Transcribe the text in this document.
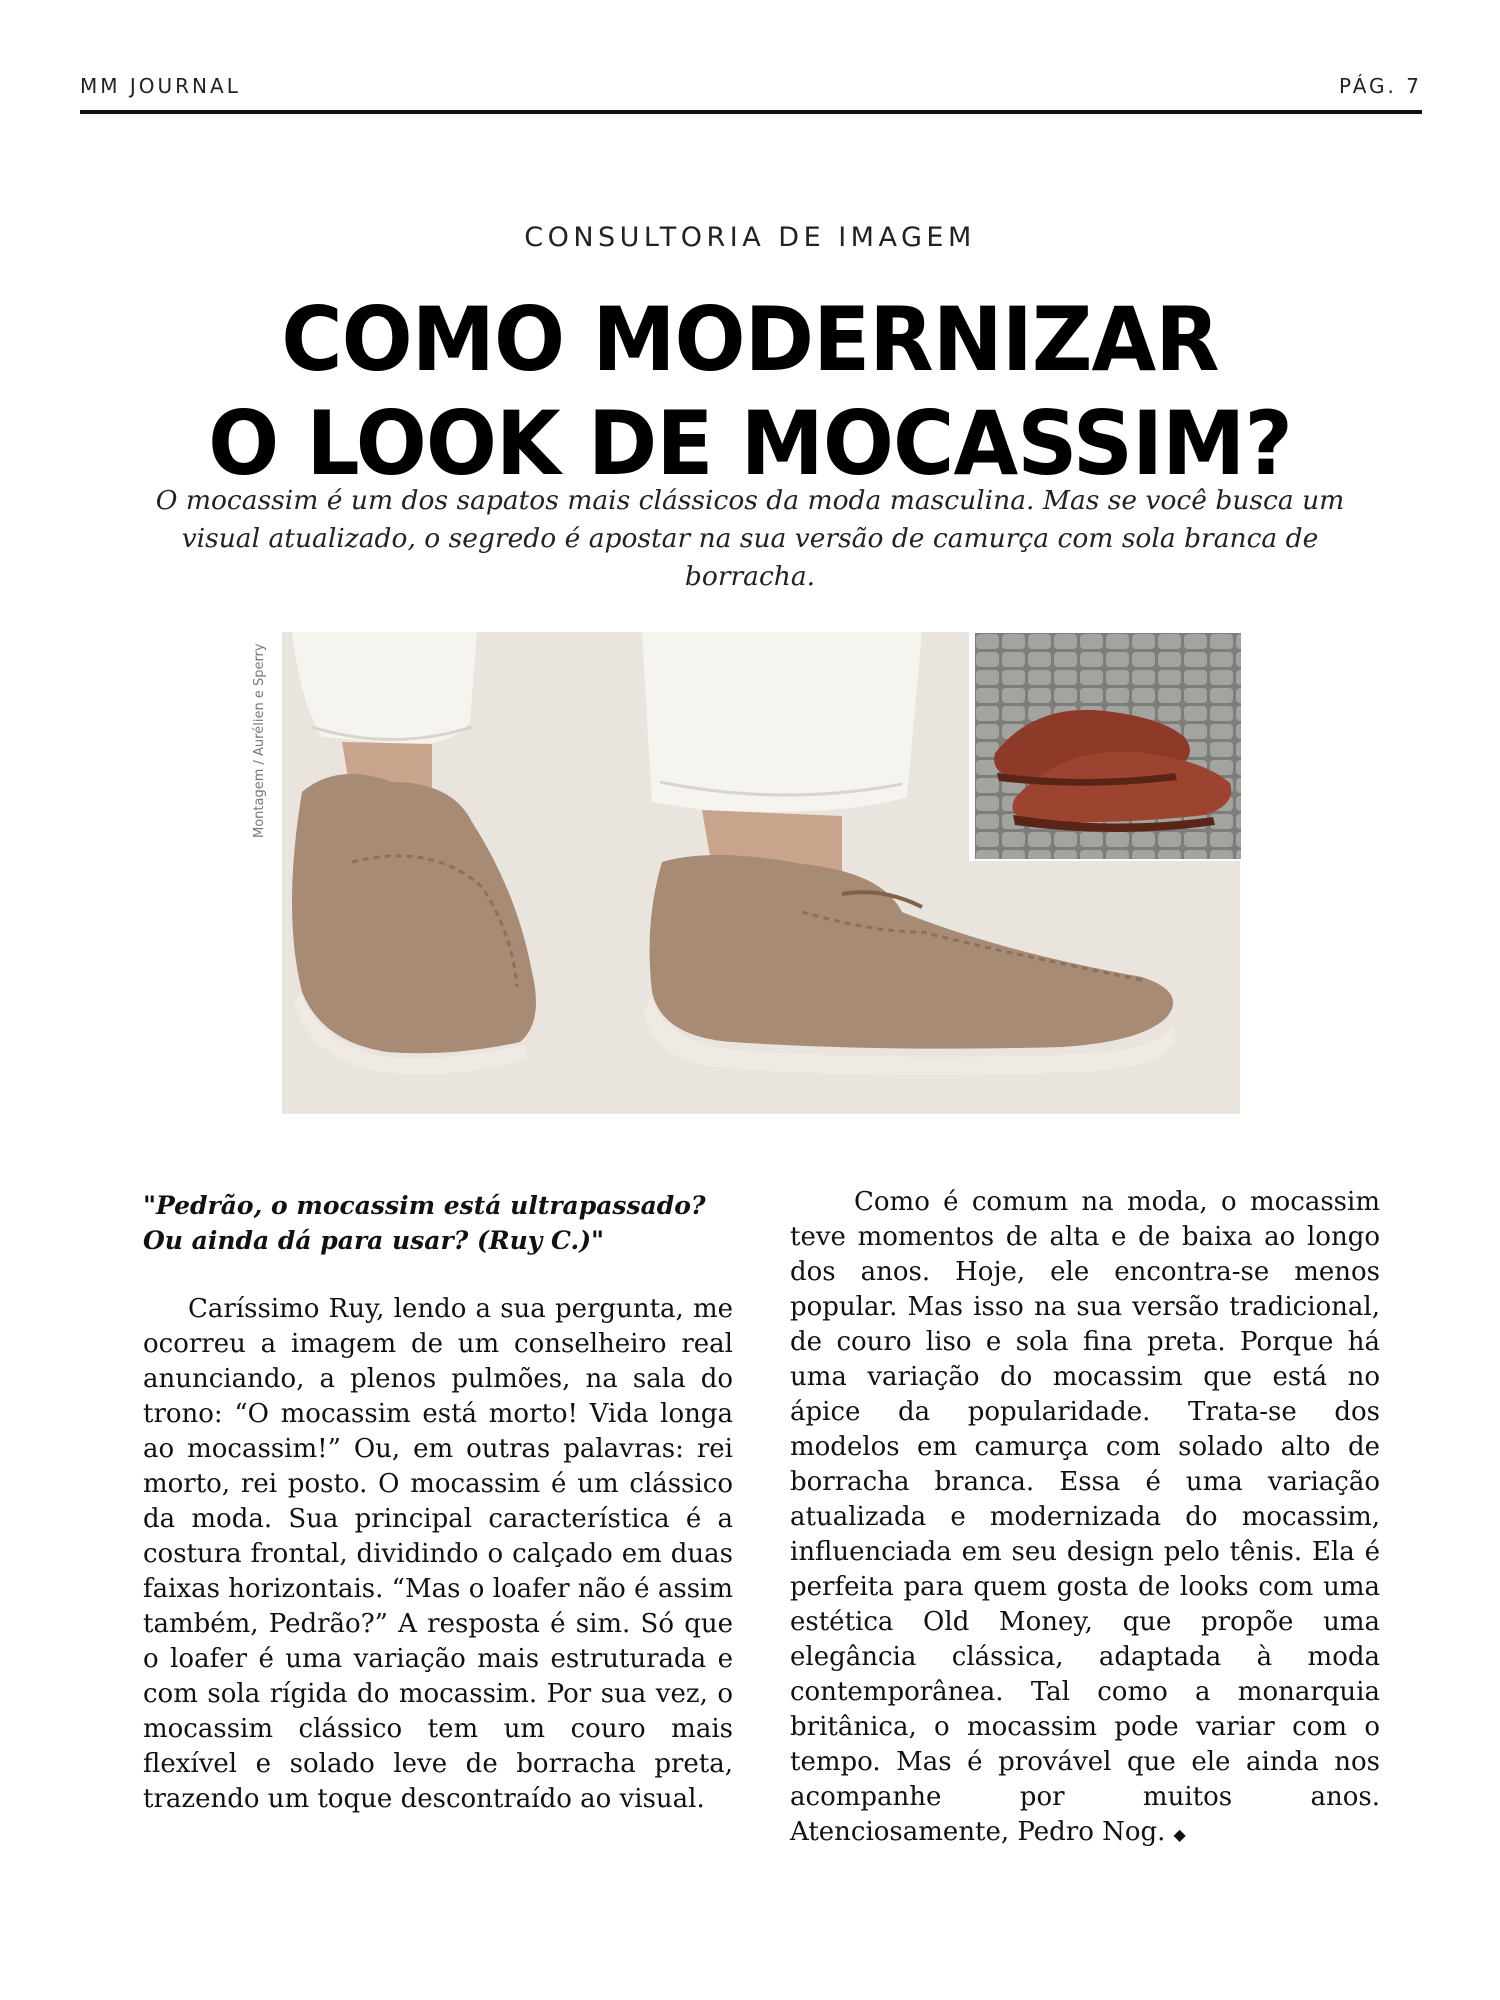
MM JOURNAL	PÁG. 7
CONSULTORIA DE IMAGEM
COMO MODERNIZAR
O LOOK DE MOCASSIM?
O mocassim é um dos sapatos mais clássicos da moda masculina. Mas se você busca um visual atualizado, o segredo é apostar na sua versão de camurça com sola branca de borracha.
Montagem / Aurélien e Sperry
"Pedrão, o mocassim está ultrapassado? Ou ainda dá para usar? (Ruy C.)"
Caríssimo Ruy, lendo a sua pergunta, me ocorreu a imagem de um conselheiro real anunciando, a plenos pulmões, na sala do trono: “O mocassim está morto! Vida longa ao mocassim!” Ou, em outras palavras: rei morto, rei posto. O mocassim é um clássico da moda. Sua principal característica é a costura frontal, dividindo o calçado em duas faixas horizontais. “Mas o loafer não é assim também, Pedrão?” A resposta é sim. Só que o loafer é uma variação mais estruturada e com sola rígida do mocassim. Por sua vez, o mocassim clássico tem um couro mais flexível e solado leve de borracha preta, trazendo um toque descontraído ao visual.
Como é comum na moda, o mocassim teve momentos de alta e de baixa ao longo dos anos. Hoje, ele encontra-se menos popular. Mas isso na sua versão tradicional, de couro liso e sola fina preta. Porque há uma variação do mocassim que está no ápice da popularidade. Trata-se dos modelos em camurça com solado alto de borracha branca. Essa é uma variação atualizada e modernizada do mocassim, influenciada em seu design pelo tênis. Ela é perfeita para quem gosta de looks com uma estética Old Money, que propõe uma elegância clássica, adaptada à moda contemporânea. Tal como a monarquia britânica, o mocassim pode variar com o tempo. Mas é provável que ele ainda nos acompanhe por muitos anos. Atenciosamente, Pedro Nog. ◆
